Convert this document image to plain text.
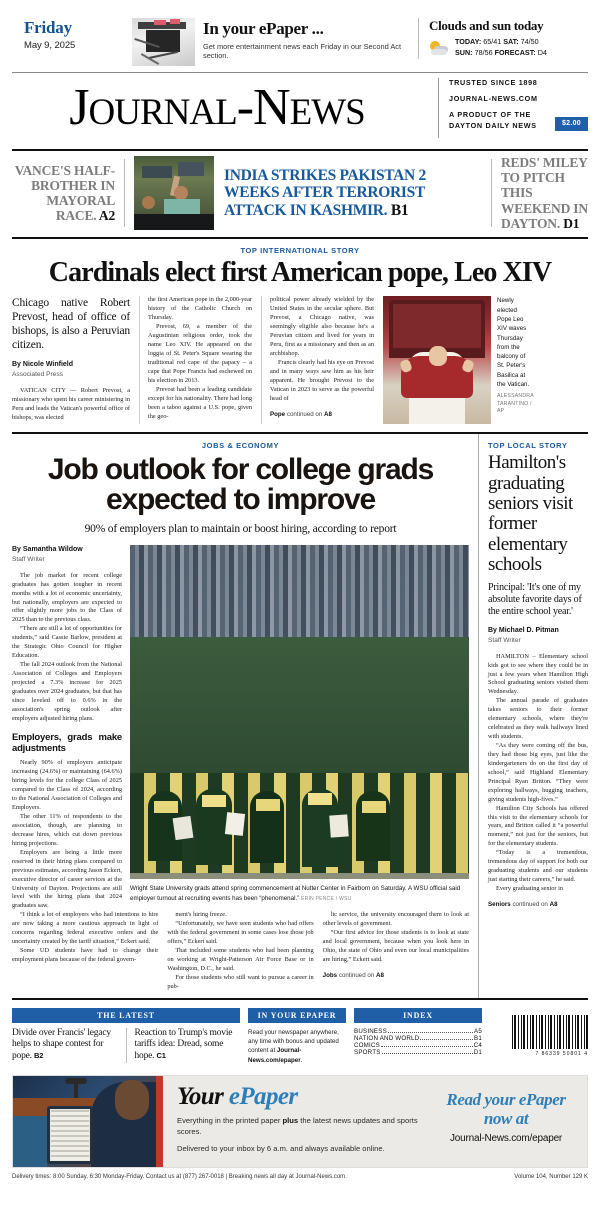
Friday
May 9, 2025
In your ePaper ...
Get more entertainment news each Friday in our Second Act section.
Clouds and sun today
TODAY: 65/41 SAT: 74/50
SUN: 78/56 FORECAST: D4
JOURNAL-NEWS
TRUSTED SINCE 1898
JOURNAL-NEWS.COM
A PRODUCT OF THE DAYTON DAILY NEWS	$2.00
VANCE'S HALF-BROTHER IN MAYORAL RACE. A2
INDIA STRIKES PAKISTAN 2 WEEKS AFTER TERRORIST ATTACK IN KASHMIR. B1
REDS' MILEY TO PITCH THIS WEEKEND IN DAYTON. D1
TOP INTERNATIONAL STORY
Cardinals elect first American pope, Leo XIV
Chicago native Robert Prevost, head of office of bishops, is also a Peruvian citizen.
By Nicole Winfield
Associated Press

VATICAN CITY — Robert Prevost, a missionary who spent his career ministering in Peru and leads the Vatican's powerful office of bishops, was elected

the first American pope in the 2,000-year history of the Catholic Church on Thursday.

Prevost, 69, a member of the Augustinian religious order, took the name Leo XIV. He appeared on the loggia of St. Peter's Square wearing the traditional red cape of the papacy – a cape that Pope Francis had eschewed on his election in 2013.

Prevost had been a leading candidate except for his nationality. There had long been a taboo against a U.S. pope, given the geo-

political power already wielded by the United States in the secular sphere. But Prevost, a Chicago native, was seemingly eligible also because he's a Peruvian citizen and lived for years in Peru, first as a missionary and then as an archbishop.

Francis clearly had his eye on Prevost and in many ways saw him as his heir apparent. He brought Prevost to the Vatican in 2023 to serve as the powerful head of

Pope continued on A8
Newly elected Pope Leo XIV waves Thursday from the balcony of St. Peter's Basilica at the Vatican.
ALESSANDRA TARANTINO / AP
JOBS & ECONOMY
Job outlook for college grads expected to improve
90% of employers plan to maintain or boost hiring, according to report
By Samantha Wildow
Staff Writer

The job market for recent college graduates has gotten tougher in recent months with a lot of economic uncertainty, but nationally, employers are expected to offer slightly more jobs to the Class of 2025 than to the previous class.

“There are still a lot of opportunities for students,” said Cassie Barlow, president at the Strategic Ohio Council for Higher Education.

The fall 2024 outlook from the National Association of Colleges and Employers projected a 7.3% increase for 2025 graduates over 2024 graduates, but that has since leveled off to 0.6% in the association's spring outlook after employers adjusted hiring plans.

Employers, grads make adjustments

Nearly 90% of employers anticipate increasing (24.6%) or maintaining (64.6%) hiring levels for the college Class of 2025 compared to the Class of 2024, according to the National Association of Colleges and Employers.

The other 11% of respondents to the association, though, are planning to decrease hires, which cut down previous hiring projections.

Employers are being a little more reserved in their hiring plans compared to previous estimates, according Jason Eckert, executive director of career services at the University of Dayton. Projections are still level with the hiring plans that 2024 graduates saw.

Wright State University grads attend spring commencement at Nutter Center in Fairborn on Saturday. A WSU official said employer turnout at recruiting events has been “phenomenal.” ERIN PENCE / WSU

“I think a lot of employers who had intentions to hire are now taking a more cautious approach in light of concerns regarding federal executive orders and the uncertainty created by the tariff situation,” Eckert said.

Some UD students have had to change their employment plans because of the federal govern-

ment's hiring freeze.

“Unfortunately, we have seen students who had offers with the federal government in some cases lose those job offers,” Eckert said.

That included some students who had been planning on working at Wright-Patterson Air Force Base or in Washington, D.C., he said.

For those students who still want to pursue a career in pub-

lic service, the university encouraged them to look at other levels of government.

“Our first advice for those students is to look at state and local government, because when you look here in Ohio, the state of Ohio and even our local municipalities are hiring,” Eckert said.

Jobs continued on A8
TOP LOCAL STORY
Hamilton's graduating seniors visit former elementary schools
Principal: 'It's one of my absolute favorite days of the entire school year.'
By Michael D. Pitman
Staff Writer

HAMILTON – Elementary school kids got to see where they could be in just a few years when Hamilton High School graduating seniors visited them Wednesday.

The annual parade of graduates takes seniors to their former elementary schools, where they're celebrated as they walk hallways lined with students.

“As they were coming off the bus, they had those big eyes, just like the kindergarteners do on the first day of school,” said Highland Elementary Principal Ryan Britton. “They were exploring hallways, hugging teachers, giving students high-fives.”

Hamilton City Schools has offered this visit to the elementary schools for years, and Britton called it “a powerful moment,” not just for the seniors, but for the elementary students.

“Today is a tremendous, tremendous day of support for both our graduating students and our students just starting their careers,” he said.

Every graduating senior in

Seniors continued on A8
THE LATEST
Divide over Francis' legacy helps to shape contest for pope. B2
Reaction to Trump's movie tariffs idea: Dread, some hope. C1
IN YOUR EPAPER
Read your newspaper anywhere, any time with bonus and updated content at Journal-News.com/epaper.
INDEX
BUSINESS	A5
NATION AND WORLD	B1
COMICS	C4
SPORTS	D1	7 86339 50801 4
Your ePaper
Everything in the printed paper plus the latest news updates and sports scores.
Delivered to your inbox by 6 a.m. and always available online.
Read your ePaper now at
Journal-News.com/epaper
Delivery times: 8:00 Sunday, 6:30 Monday-Friday. Contact us at (877) 267-0018 | Breaking news all day at Journal-News.com.	Volume 104, Number 129 K
